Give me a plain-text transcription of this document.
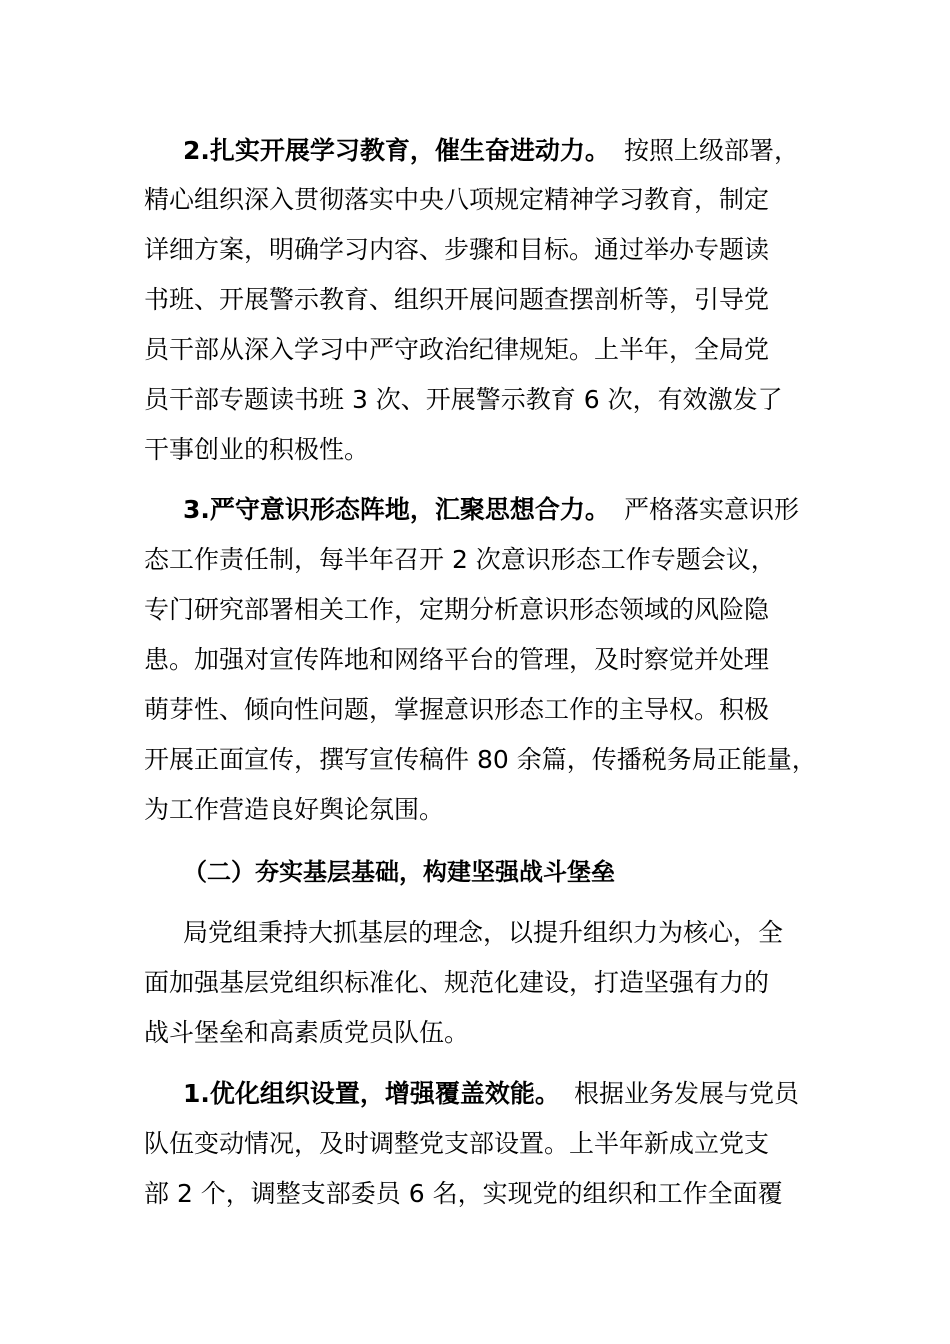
2.扎实开展学习教育，催生奋进动力。 按照上级部署，
精心组织深入贯彻落实中央八项规定精神学习教育，制定
详细方案，明确学习内容、步骤和目标。通过举办专题读
书班、开展警示教育、组织开展问题查摆剖析等，引导党
员干部从深入学习中严守政治纪律规矩。上半年，全局党
员干部专题读书班 3 次、开展警示教育 6 次，有效激发了
干事创业的积极性。
3.严守意识形态阵地，汇聚思想合力。 严格落实意识形
态工作责任制，每半年召开 2 次意识形态工作专题会议，
专门研究部署相关工作，定期分析意识形态领域的风险隐
患。加强对宣传阵地和网络平台的管理，及时察觉并处理
萌芽性、倾向性问题，掌握意识形态工作的主导权。积极
开展正面宣传，撰写宣传稿件 80 余篇，传播税务局正能量，
为工作营造良好舆论氛围。
（二）夯实基层基础，构建坚强战斗堡垒
局党组秉持大抓基层的理念，以提升组织力为核心，全
面加强基层党组织标准化、规范化建设，打造坚强有力的
战斗堡垒和高素质党员队伍。
1.优化组织设置，增强覆盖效能。 根据业务发展与党员
队伍变动情况，及时调整党支部设置。上半年新成立党支
部 2 个，调整支部委员 6 名，实现党的组织和工作全面覆
